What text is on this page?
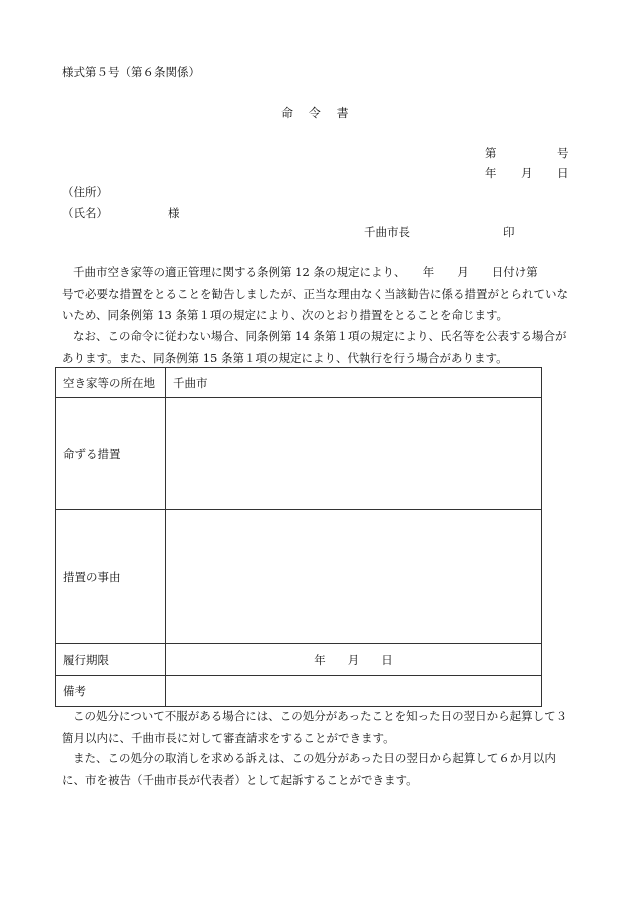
様式第５号（第６条関係）
命 令 書
第	号
年 月 日
（住所）
（氏名）	様
千曲市長	印
千曲市空き家等の適正管理に関する条例第 12 条の規定により、　　年　　月　　日付け第　　号で必要な措置をとることを勧告しましたが、正当な理由なく当該勧告に係る措置がとられていないため、同条例第 13 条第１項の規定により、次のとおり措置をとることを命じます。
なお、この命令に従わない場合、同条例第 14 条第１項の規定により、氏名等を公表する場合があります。また、同条例第 15 条第１項の規定により、代執行を行う場合があります。
空き家等の所在地	千曲市
命ずる措置	
措置の事由	
履行期限	年 月 日
備考	
この処分について不服がある場合には、この処分があったことを知った日の翌日から起算して３箇月以内に、千曲市長に対して審査請求をすることができます。
また、この処分の取消しを求める訴えは、この処分があった日の翌日から起算して６か月以内に、市を被告（千曲市長が代表者）として起訴することができます。
